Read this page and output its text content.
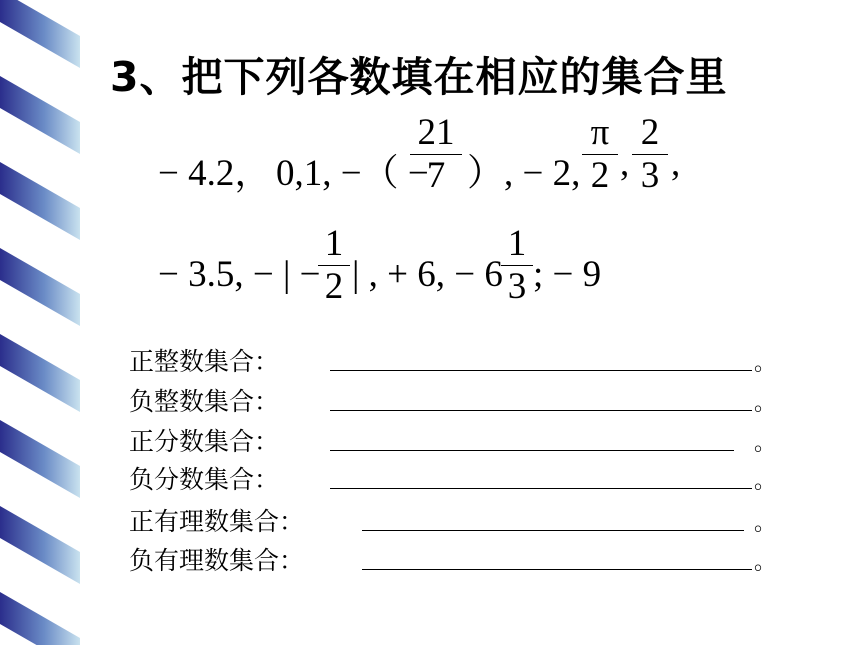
3、把下列各数填在相应的集合里
− 4.2， 0,1, −（ −
21
7 ）, − 2,
π
2 ,
2
3 ,
− 3.5, − | −
1
2 | , + 6, − 6
1
3 ; − 9
正整数集合：	。
负整数集合：	。
正分数集合：	。
负分数集合：	。
正有理数集合：	。
负有理数集合：	。
